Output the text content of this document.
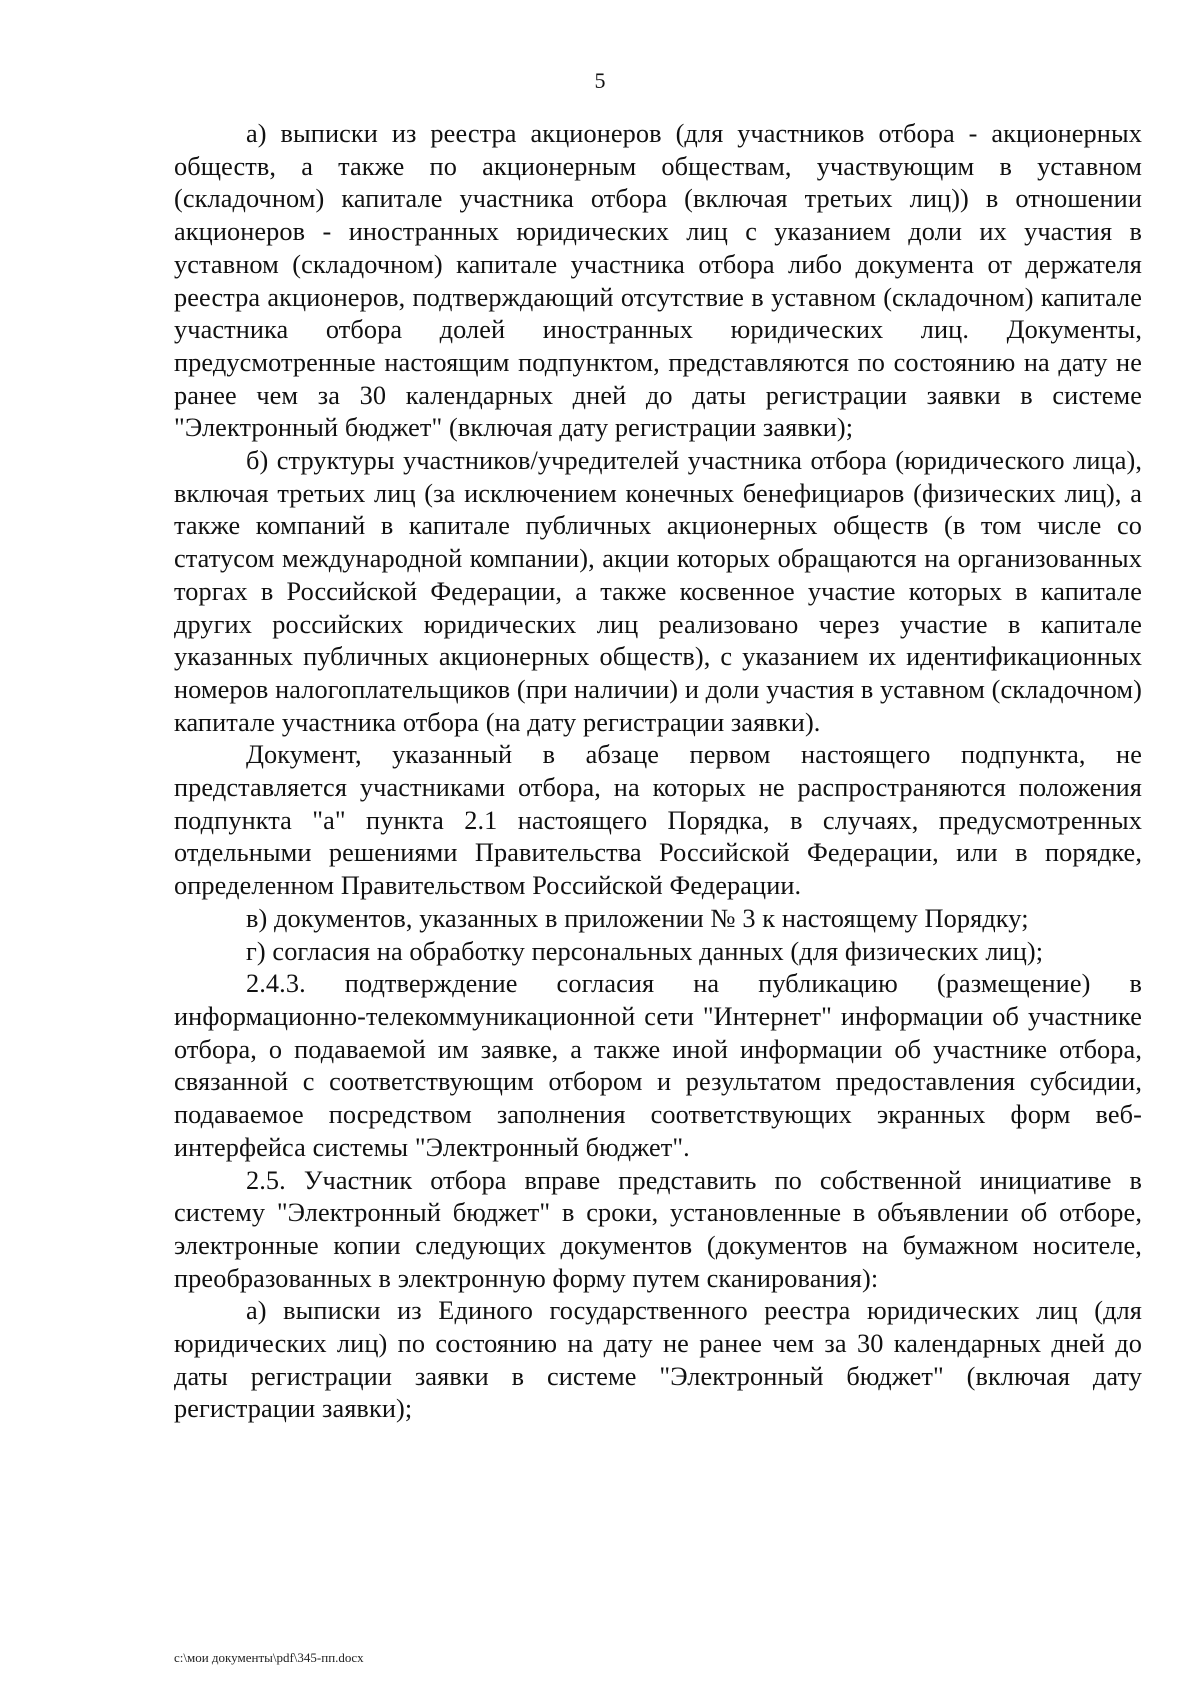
5

а) выписки из реестра акционеров (для участников отбора - акционерных обществ, а также по акционерным обществам, участвующим в уставном (складочном) капитале участника отбора (включая третьих лиц)) в отношении акционеров - иностранных юридических лиц с указанием доли их участия в уставном (складочном) капитале участника отбора либо документа от держателя реестра акционеров, подтверждающий отсутствие в уставном (складочном) капитале участника отбора долей иностранных юридических лиц. Документы, предусмотренные настоящим подпунктом, представляются по состоянию на дату не ранее чем за 30 календарных дней до даты регистрации заявки в системе "Электронный бюджет" (включая дату регистрации заявки);

б) структуры участников/учредителей участника отбора (юридического лица), включая третьих лиц (за исключением конечных бенефициаров (физических лиц), а также компаний в капитале публичных акционерных обществ (в том числе со статусом международной компании), акции которых обращаются на организованных торгах в Российской Федерации, а также косвенное участие которых в капитале других российских юридических лиц реализовано через участие в капитале указанных публичных акционерных обществ), с указанием их идентификационных номеров налогоплательщиков (при наличии) и доли участия в уставном (складочном) капитале участника отбора (на дату регистрации заявки).

Документ, указанный в абзаце первом настоящего подпункта, не представляется участниками отбора, на которых не распространяются положения подпункта "а" пункта 2.1 настоящего Порядка, в случаях, предусмотренных отдельными решениями Правительства Российской Федерации, или в порядке, определенном Правительством Российской Федерации.

в) документов, указанных в приложении № 3 к настоящему Порядку;

г) согласия на обработку персональных данных (для физических лиц);

2.4.3. подтверждение согласия на публикацию (размещение) в информационно-телекоммуникационной сети "Интернет" информации об участнике отбора, о подаваемой им заявке, а также иной информации об участнике отбора, связанной с соответствующим отбором и результатом предоставления субсидии, подаваемое посредством заполнения соответствующих экранных форм веб-интерфейса системы "Электронный бюджет".

2.5. Участник отбора вправе представить по собственной инициативе в систему "Электронный бюджет" в сроки, установленные в объявлении об отборе, электронные копии следующих документов (документов на бумажном носителе, преобразованных в электронную форму путем сканирования):

а) выписки из Единого государственного реестра юридических лиц (для юридических лиц) по состоянию на дату не ранее чем за 30 календарных дней до даты регистрации заявки в системе "Электронный бюджет" (включая дату регистрации заявки);

c:\мои документы\pdf\345-пп.docx
